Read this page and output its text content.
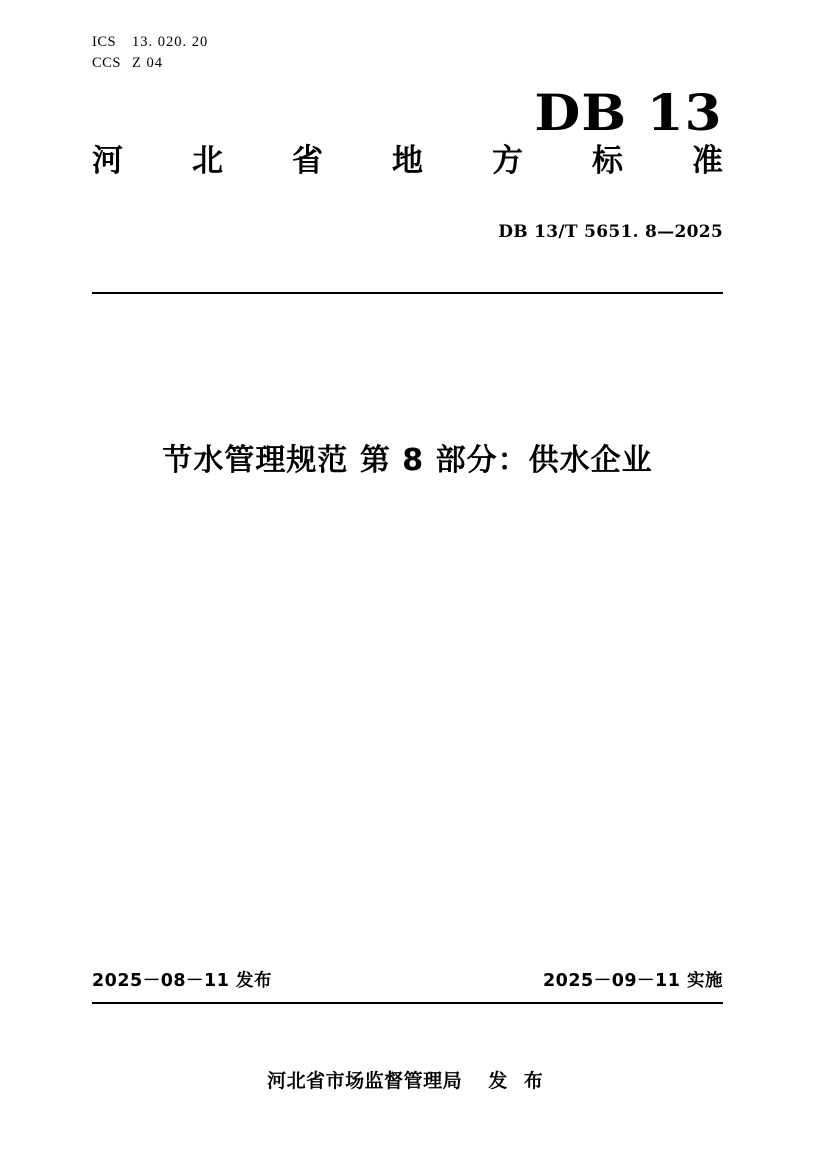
ICS 13. 020. 20
CCS Z 04
DB 13
河 北 省 地 方 标 准
DB 13/T 5651. 8—2025
节水管理规范 第 8 部分：供水企业
2025－08－11 发布	2025－09－11 实施
河北省市场监督管理局 发 布
